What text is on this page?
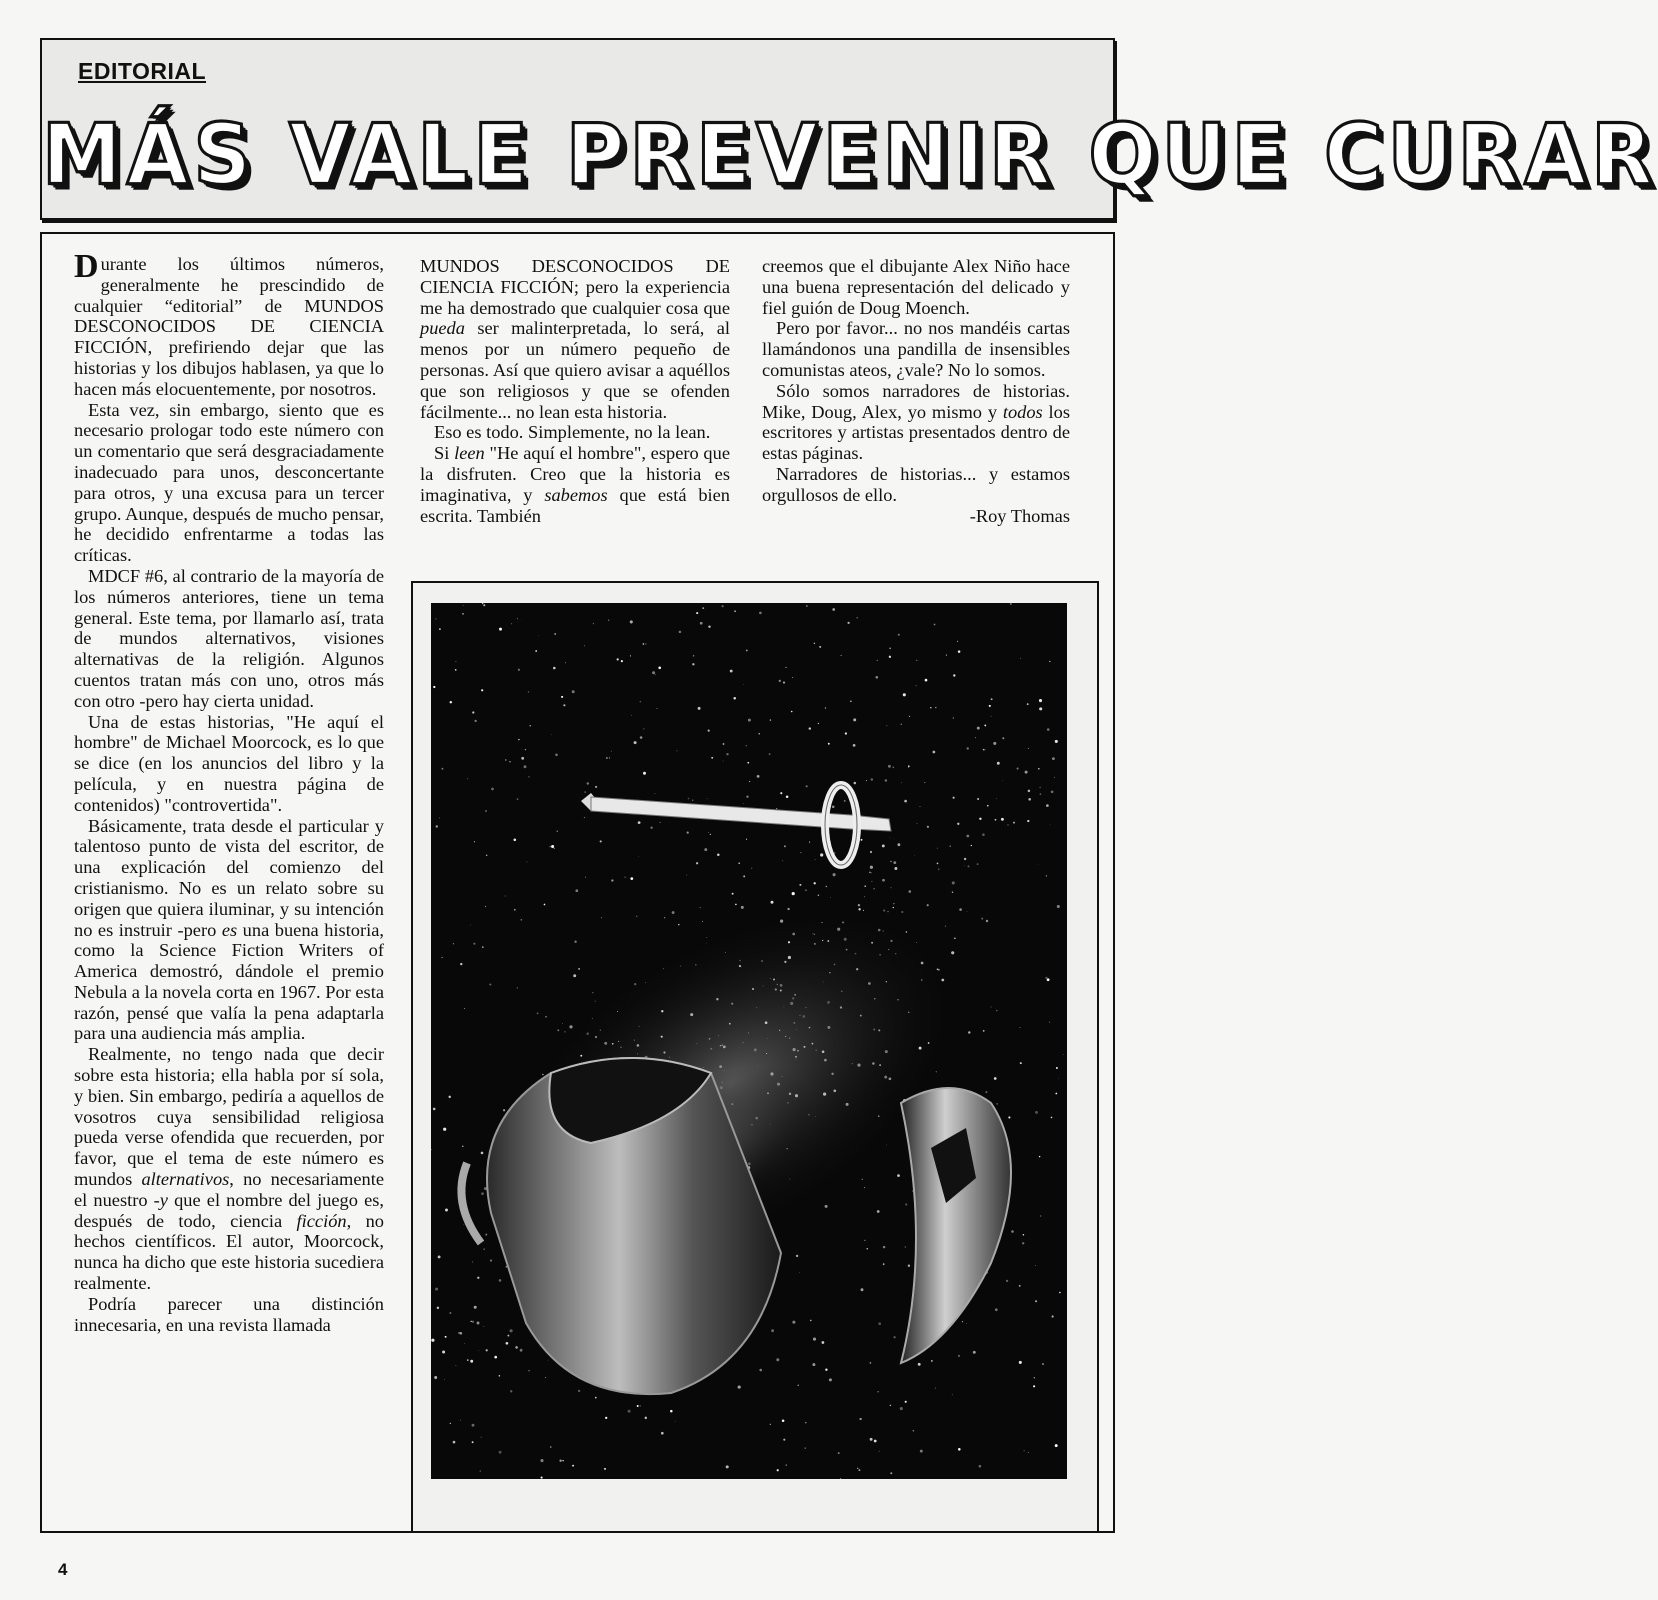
EDITORIAL
MÁS VALE PREVENIR QUE CURAR

Durante los últimos números, generalmente he prescindido de cualquier “editorial” de MUNDOS DESCONOCIDOS DE CIENCIA FICCIÓN, prefiriendo dejar que las historias y los dibujos hablasen, ya que lo hacen más elocuentemente, por nosotros.

Esta vez, sin embargo, siento que es necesario prologar todo este número con un comentario que será desgraciadamente inadecuado para unos, desconcertante para otros, y una excusa para un tercer grupo. Aunque, después de mucho pensar, he decidido enfrentarme a todas las críticas.

MDCF #6, al contrario de la mayoría de los números anteriores, tiene un tema general. Este tema, por llamarlo así, trata de mundos alternativos, visiones alternativas de la religión. Algunos cuentos tratan más con uno, otros más con otro -pero hay cierta unidad.

Una de estas historias, "He aquí el hombre" de Michael Moorcock, es lo que se dice (en los anuncios del libro y la película, y en nuestra página de contenidos) "controvertida".

Básicamente, trata desde el particular y talentoso punto de vista del escritor, de una explicación del comienzo del cristianismo. No es un relato sobre su origen que quiera iluminar, y su intención no es instruir -pero es una buena historia, como la Science Fiction Writers of America demostró, dándole el premio Nebula a la novela corta en 1967. Por esta razón, pensé que valía la pena adaptarla para una audiencia más amplia.

Realmente, no tengo nada que decir sobre esta historia; ella habla por sí sola, y bien. Sin embargo, pediría a aquellos de vosotros cuya sensibilidad religiosa pueda verse ofendida que recuerden, por favor, que el tema de este número es mundos alternativos, no necesariamente el nuestro -y que el nombre del juego es, después de todo, ciencia ficción, no hechos científicos. El autor, Moorcock, nunca ha dicho que este historia sucediera realmente.

Podría parecer una distinción innecesaria, en una revista llamada

MUNDOS DESCONOCIDOS DE CIENCIA FICCIÓN; pero la experiencia me ha demostrado que cualquier cosa que pueda ser malinterpretada, lo será, al menos por un número pequeño de personas. Así que quiero avisar a aquéllos que son religiosos y que se ofenden fácilmente... no lean esta historia.

Eso es todo. Simplemente, no la lean.

Si leen "He aquí el hombre", espero que la disfruten. Creo que la historia es imaginativa, y sabemos que está bien escrita. También

creemos que el dibujante Alex Niño hace una buena representación del delicado y fiel guión de Doug Moench.

Pero por favor... no nos mandéis cartas llamándonos una pandilla de insensibles comunistas ateos, ¿vale? No lo somos.

Sólo somos narradores de historias. Mike, Doug, Alex, yo mismo y todos los escritores y artistas presentados dentro de estas páginas.

Narradores de historias... y estamos orgullosos de ello.

-Roy Thomas

4
